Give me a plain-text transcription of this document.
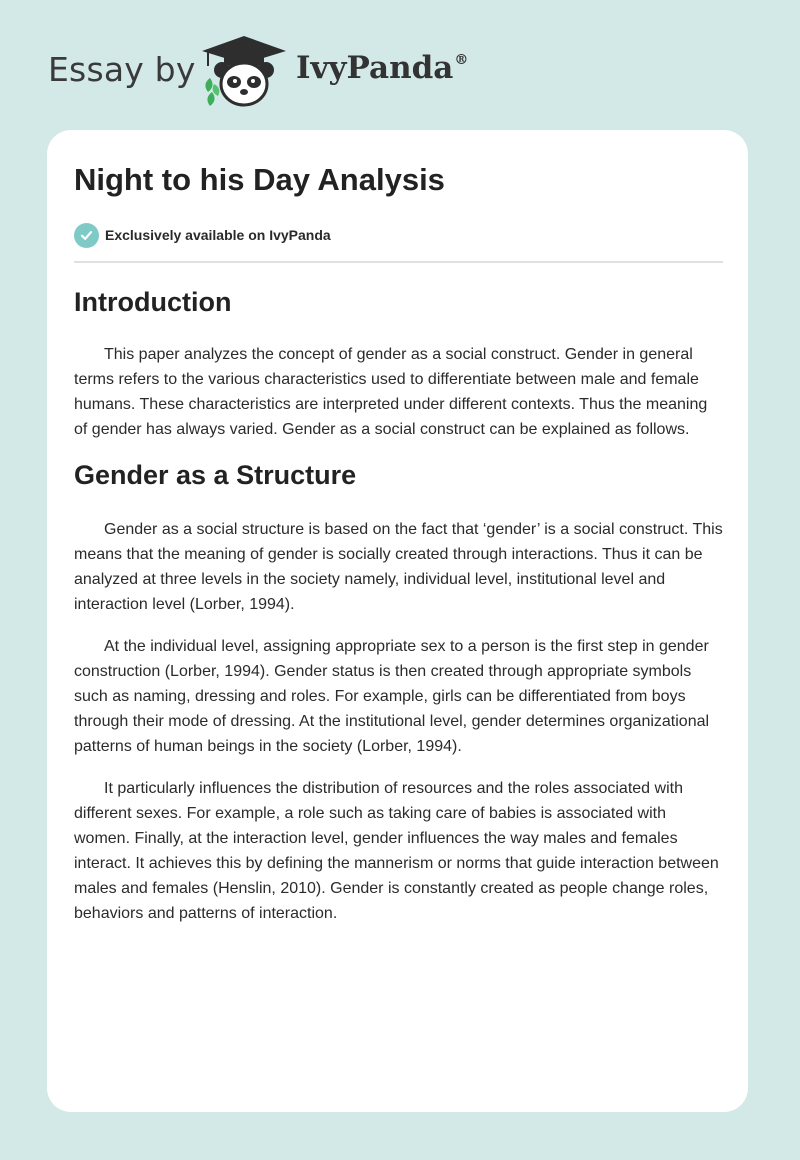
Essay by	IvyPanda®
Night to his Day Analysis
Exclusively available on IvyPanda
Introduction

This paper analyzes the concept of gender as a social construct. Gender in general terms refers to the various characteristics used to differentiate between male and female humans. These characteristics are interpreted under different contexts. Thus the meaning of gender has always varied. Gender as a social construct can be explained as follows.

Gender as a Structure

Gender as a social structure is based on the fact that ‘gender’ is a social construct. This means that the meaning of gender is socially created through interactions. Thus it can be analyzed at three levels in the society namely, individual level, institutional level and interaction level (Lorber, 1994).

At the individual level, assigning appropriate sex to a person is the first step in gender construction (Lorber, 1994). Gender status is then created through appropriate symbols such as naming, dressing and roles. For example, girls can be differentiated from boys through their mode of dressing. At the institutional level, gender determines organizational patterns of human beings in the society (Lorber, 1994).

It particularly influences the distribution of resources and the roles associated with different sexes. For example, a role such as taking care of babies is associated with women. Finally, at the interaction level, gender influences the way males and females interact. It achieves this by defining the mannerism or norms that guide interaction between males and females (Henslin, 2010). Gender is constantly created as people change roles, behaviors and patterns of interaction.
